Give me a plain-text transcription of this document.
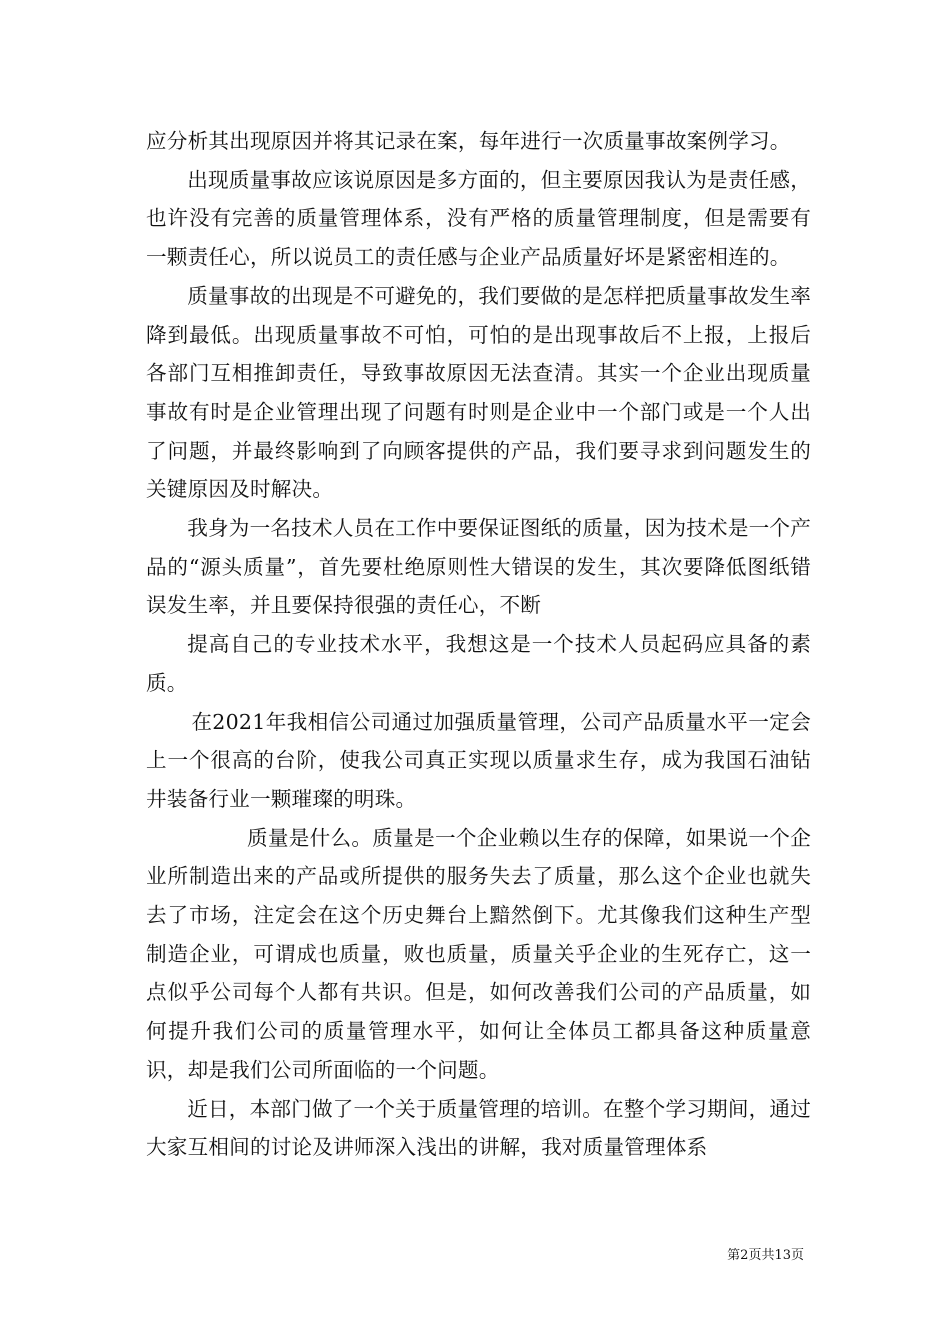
应分析其出现原因并将其记录在案，每年进行一次质量事故案例学习。

出现质量事故应该说原因是多方面的，但主要原因我认为是责任感，也许没有完善的质量管理体系，没有严格的质量管理制度，但是需要有一颗责任心，所以说员工的责任感与企业产品质量好坏是紧密相连的。

质量事故的出现是不可避免的，我们要做的是怎样把质量事故发生率降到最低。出现质量事故不可怕，可怕的是出现事故后不上报，上报后各部门互相推卸责任，导致事故原因无法查清。其实一个企业出现质量事故有时是企业管理出现了问题有时则是企业中一个部门或是一个人出了问题，并最终影响到了向顾客提供的产品，我们要寻求到问题发生的关键原因及时解决。

我身为一名技术人员在工作中要保证图纸的质量，因为技术是一个产品的“源头质量”，首先要杜绝原则性大错误的发生，其次要降低图纸错误发生率，并且要保持很强的责任心，不断

提高自己的专业技术水平，我想这是一个技术人员起码应具备的素质。

在2021年我相信公司通过加强质量管理，公司产品质量水平一定会上一个很高的台阶，使我公司真正实现以质量求生存，成为我国石油钻井装备行业一颗璀璨的明珠。

质量是什么。质量是一个企业赖以生存的保障，如果说一个企业所制造出来的产品或所提供的服务失去了质量，那么这个企业也就失去了市场，注定会在这个历史舞台上黯然倒下。尤其像我们这种生产型制造企业，可谓成也质量，败也质量，质量关乎企业的生死存亡，这一点似乎公司每个人都有共识。但是，如何改善我们公司的产品质量，如何提升我们公司的质量管理水平，如何让全体员工都具备这种质量意识，却是我们公司所面临的一个问题。

近日，本部门做了一个关于质量管理的培训。在整个学习期间，通过大家互相间的讨论及讲师深入浅出的讲解，我对质量管理体系

第2页共13页
